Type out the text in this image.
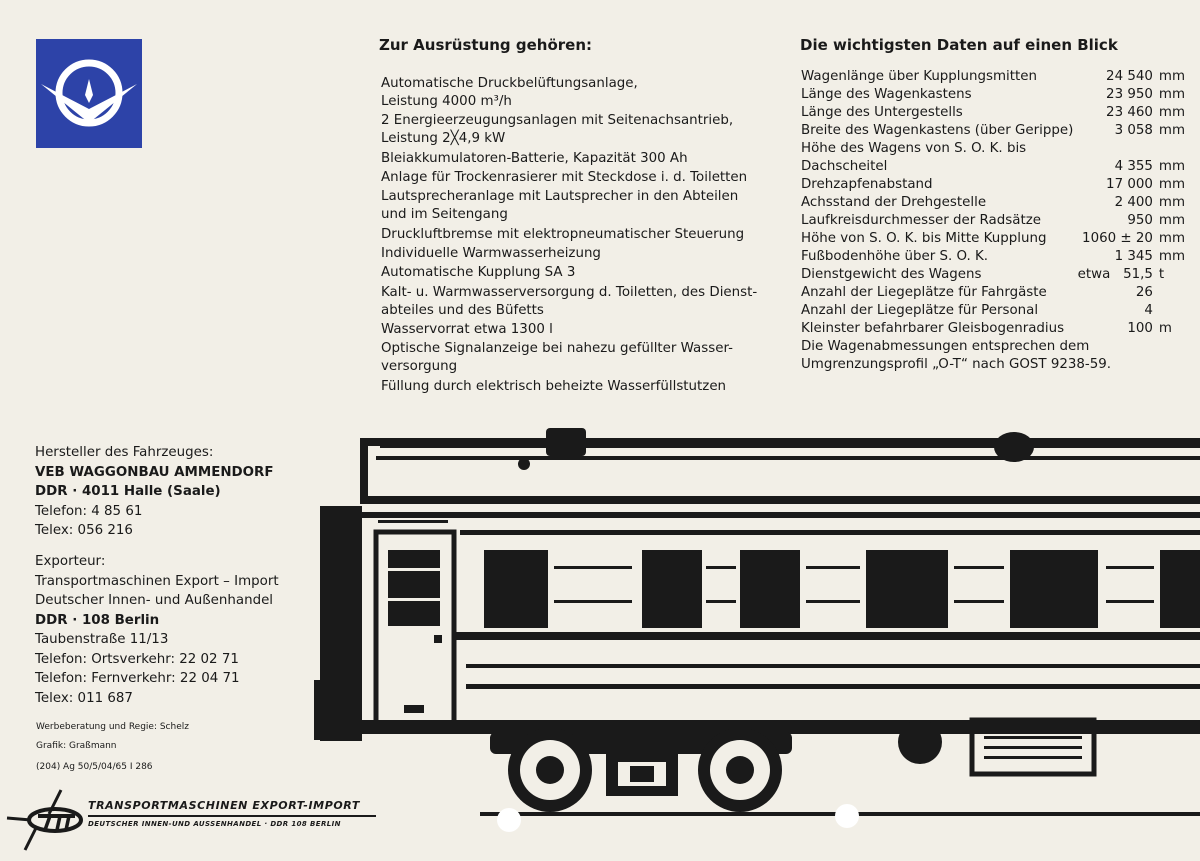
Zur Ausrüstung gehören:
Automatische Druckbelüftungsanlage,
Leistung 4000 m³/h
2 Energieerzeugungsanlagen mit Seitenachsantrieb,
Leistung 2╳4,9 kW
Bleiakkumulatoren-Batterie, Kapazität 300 Ah
Anlage für Trockenrasierer mit Steckdose i. d. Toiletten
Lautsprecheranlage mit Lautsprecher in den Abteilen
und im Seitengang
Druckluftbremse mit elektropneumatischer Steuerung
Individuelle Warmwasserheizung
Automatische Kupplung SA 3
Kalt- u. Warmwasserversorgung d. Toiletten, des Dienst-
abteiles und des Büfetts
Wasservorrat etwa 1300 l
Optische Signalanzeige bei nahezu gefüllter Wasser-
versorgung
Füllung durch elektrisch beheizte Wasserfüllstutzen
Die wichtigsten Daten auf einen Blick
Wagenlänge über Kupplungsmitten	24 540	mm

Länge des Wagenkastens	23 950	mm

Länge des Untergestells	23 460	mm

Breite des Wagenkastens (über Gerippe)	3 058	mm

Höhe des Wagens von S. O. K. bis
Dachscheitel	4 355	mm

Drehzapfenabstand	17 000	mm

Achsstand der Drehgestelle	2 400	mm

Laufkreisdurchmesser der Radsätze	950	mm

Höhe von S. O. K. bis Mitte Kupplung	1060 ± 20	mm

Fußbodenhöhe über S. O. K.	1 345	mm

Dienstgewicht des Wagens	etwa   51,5	t

Anzahl der Liegeplätze für Fahrgäste	26	

Anzahl der Liegeplätze für Personal	4	

Kleinster befahrbarer Gleisbogenradius	100	m
Die Wagenabmessungen entsprechen dem		
Umgrenzungsprofil „O-T“ nach GOST 9238-59.		
Hersteller des Fahrzeuges:
VEB WAGGONBAU AMMENDORF
DDR · 4011 Halle (Saale)
Telefon: 4 85 61
Telex: 056 216
Exporteur:
Transportmaschinen Export – Import
Deutscher Innen- und Außenhandel
DDR · 108 Berlin
Taubenstraße 11/13
Telefon: Ortsverkehr: 22 02 71
Telefon: Fernverkehr: 22 04 71
Telex: 011 687
Werbeberatung und Regie: Schelz
Grafik: Graßmann
(204) Ag 50/5/04/65 I 286
TRANSPORTMASCHINEN EXPORT-IMPORT
DEUTSCHER INNEN-UND AUSSENHANDEL · DDR 108 BERLIN
